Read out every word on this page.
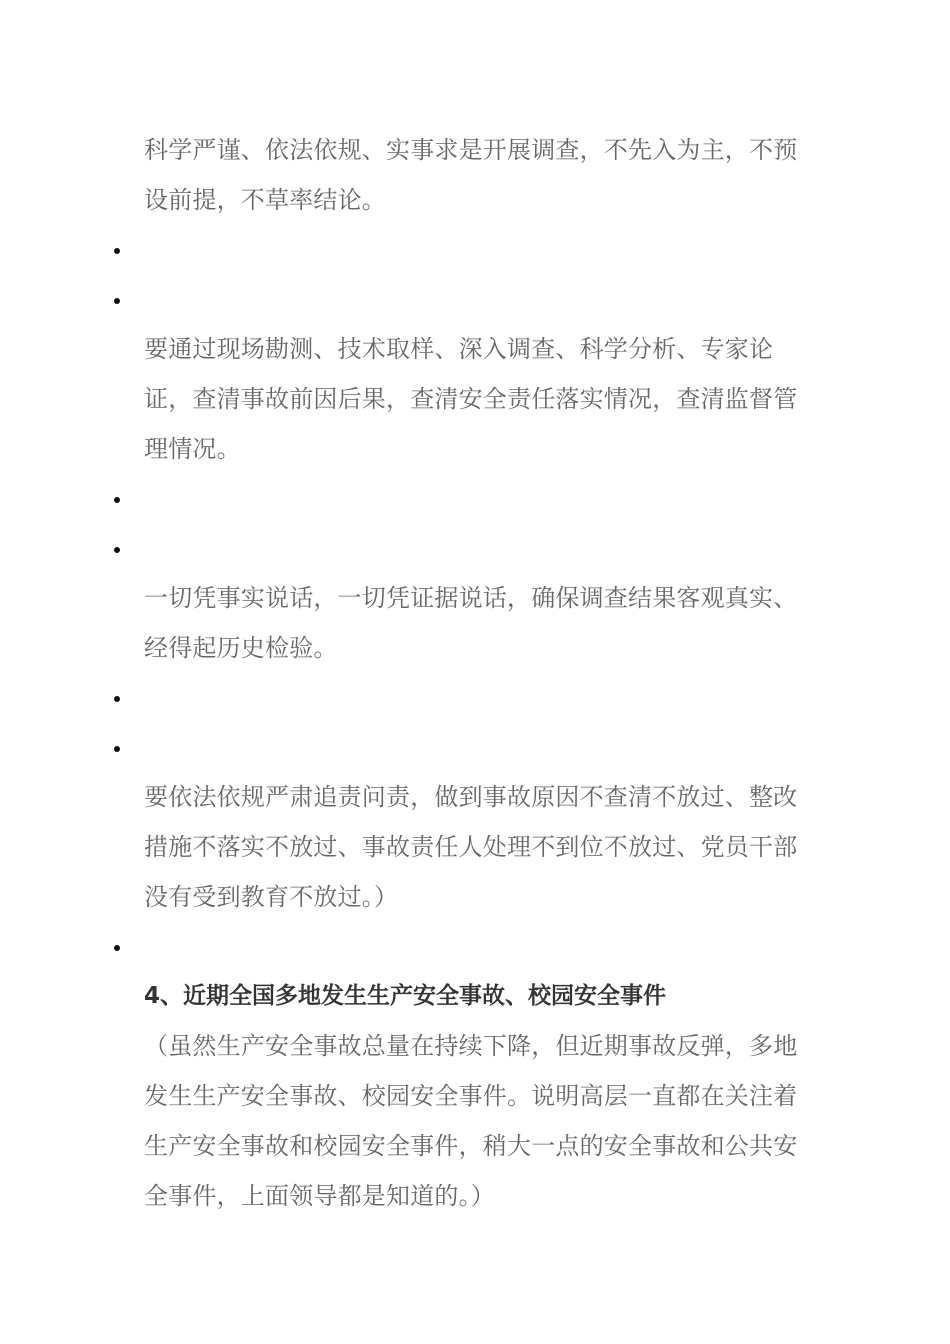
科学严谨、依法依规、实事求是开展调查，不先入为主，不预设前提，不草率结论。

要通过现场勘测、技术取样、深入调查、科学分析、专家论证，查清事故前因后果，查清安全责任落实情况，查清监督管理情况。

一切凭事实说话，一切凭证据说话，确保调查结果客观真实、经得起历史检验。

要依法依规严肃追责问责，做到事故原因不查清不放过、整改措施不落实不放过、事故责任人处理不到位不放过、党员干部没有受到教育不放过。）

4、近期全国多地发生生产安全事故、校园安全事件

（虽然生产安全事故总量在持续下降，但近期事故反弹，多地发生生产安全事故、校园安全事件。说明高层一直都在关注着生产安全事故和校园安全事件，稍大一点的安全事故和公共安全事件，上面领导都是知道的。）
